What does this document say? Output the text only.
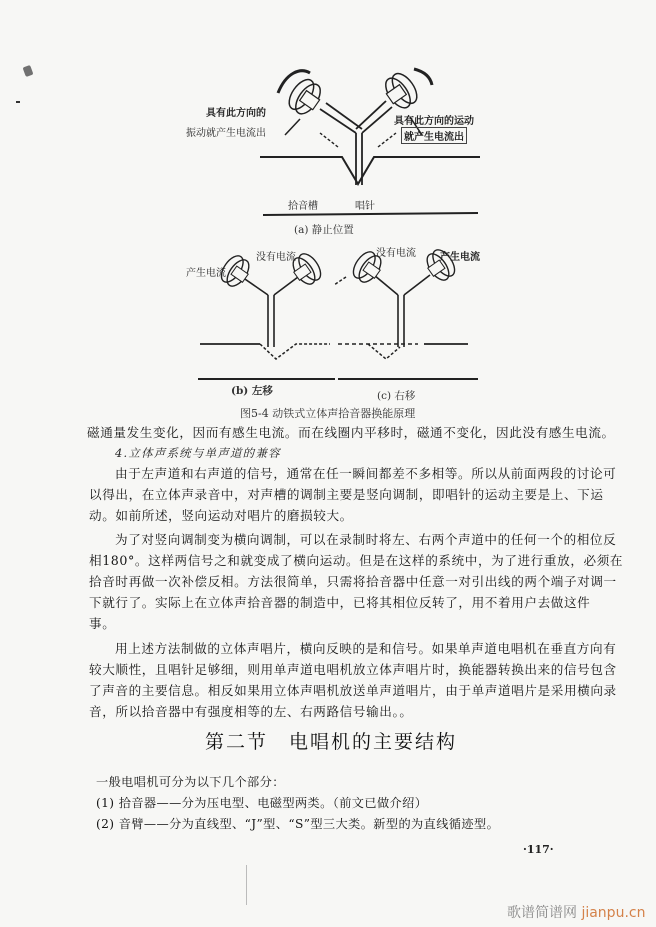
具有此方向的
振动就产生电流出
具有此方向的运动
就产生电流出
拾音槽	唱针
(a) 静止位置
产生电流
没有电流
(b) 左移
没有电流 产生电流
(c) 右移
图5-4 动铁式立体声拾音器换能原理
磁通量发生变化，因而有感生电流。而在线圈内平移时，磁通不变化，因此没有感生电流。
4.立体声系统与单声道的兼容
由于左声道和右声道的信号，通常在任一瞬间都差不多相等。所以从前面两段的讨论可
以得出，在立体声录音中，对声槽的调制主要是竖向调制，即唱针的运动主要是上、下运
动。如前所述，竖向运动对唱片的磨损较大。
为了对竖向调制变为横向调制，可以在录制时将左、右两个声道中的任何一个的相位反
相180°。这样两信号之和就变成了横向运动。但是在这样的系统中，为了进行重放，必须在
拾音时再做一次补偿反相。方法很简单，只需将拾音器中任意一对引出线的两个端子对调一
下就行了。实际上在立体声拾音器的制造中，已将其相位反转了，用不着用户去做这件
事。
用上述方法制做的立体声唱片，横向反映的是和信号。如果单声道电唱机在垂直方向有
较大顺性，且唱针足够细，则用单声道电唱机放立体声唱片时，换能器转换出来的信号包含
了声音的主要信息。相反如果用立体声唱机放送单声道唱片，由于单声道唱片是采用横向录
音，所以拾音器中有强度相等的左、右两路信号输出。。
第二节　电唱机的主要结构
一般电唱机可分为以下几个部分：
(1) 拾音器——分为压电型、电磁型两类。（前文已做介绍）
(2) 音臂——分为直线型、“J”型、“S”型三大类。新型的为直线循迹型。
·117·
歌谱简谱网 jianpu.cn
